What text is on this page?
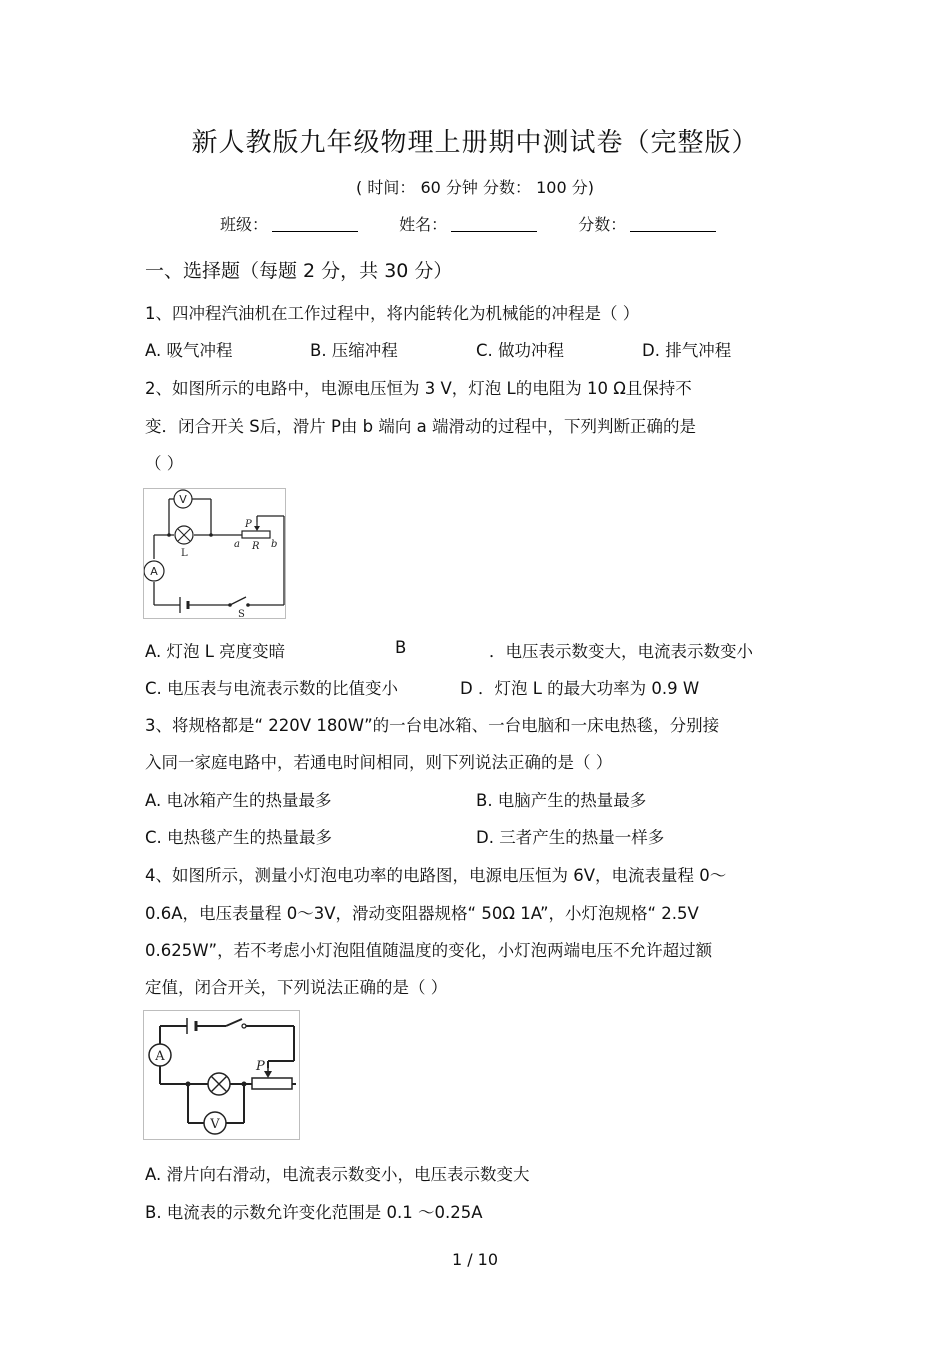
新人教版九年级物理上册期中测试卷（完整版）
( 时间： 60 分钟 分数： 100 分)
班级：	姓名：	分数：
一、选择题（每题 2 分，共 30 分）
1、四冲程汽油机在工作过程中，将内能转化为机械能的冲程是（ ）
A. 吸气冲程	B. 压缩冲程	C. 做功冲程	D. 排气冲程
2、如图所示的电路中，电源电压恒为 3 V，灯泡 L的电阻为 10 Ω且保持不
变．闭合开关 S后，滑片 P由 b 端向 a 端滑动的过程中，下列判断正确的是
（ ）
V
L
A
P
a R b
S
A. 灯泡 L 亮度变暗	B	．电压表示数变大，电流表示数变小
C. 电压表与电流表示数的比值变小	D ．灯泡 L 的最大功率为 0.9 W
3、将规格都是“ 220V 180W”的一台电冰箱、一台电脑和一床电热毯，分别接
入同一家庭电路中，若通电时间相同，则下列说法正确的是（ ）
A. 电冰箱产生的热量最多	B. 电脑产生的热量最多
C. 电热毯产生的热量最多	D. 三者产生的热量一样多
4、如图所示，测量小灯泡电功率的电路图，电源电压恒为 6V，电流表量程 0～
0.6A，电压表量程 0～3V，滑动变阻器规格“ 50Ω 1A”，小灯泡规格“ 2.5V
0.625W”，若不考虑小灯泡阻值随温度的变化，小灯泡两端电压不允许超过额
定值，闭合开关，下列说法正确的是（ ）
A
V
P
A. 滑片向右滑动，电流表示数变小，电压表示数变大
B. 电流表的示数允许变化范围是 0.1 ～0.25A
1 / 10
